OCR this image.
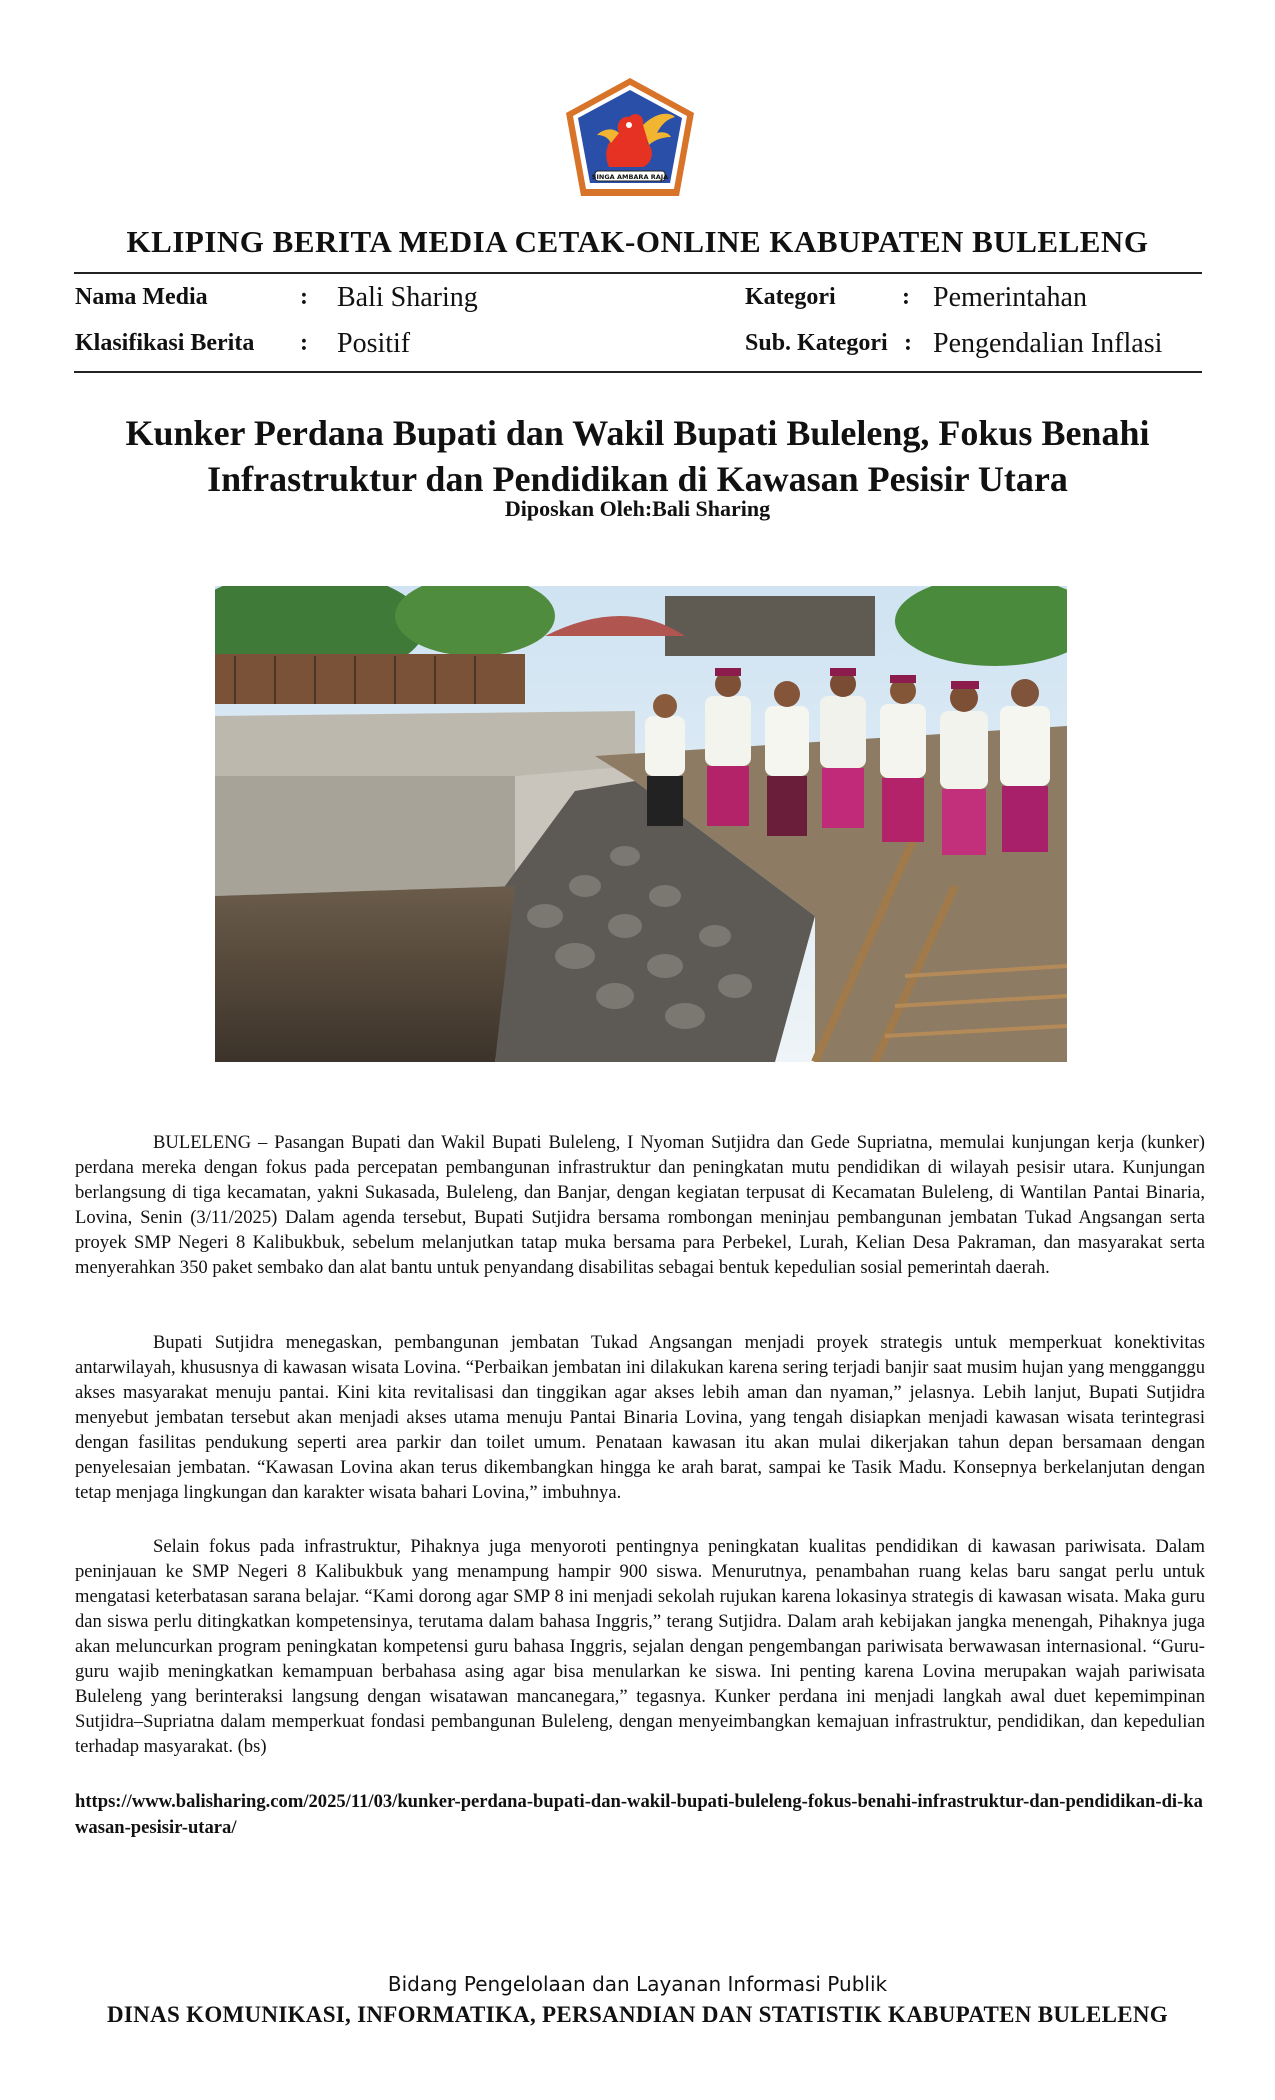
SINGA AMBARA RAJA
KLIPING BERITA MEDIA CETAK-ONLINE KABUPATEN BULELENG
Nama Media	: Bali Sharing	Kategori	: Pemerintahan
Klasifikasi Berita : Positif	Sub. Kategori : Pengendalian Inflasi
Kunker Perdana Bupati dan Wakil Bupati Buleleng, Fokus Benahi Infrastruktur dan Pendidikan di Kawasan Pesisir Utara
Diposkan Oleh:Bali Sharing

BULELENG – Pasangan Bupati dan Wakil Bupati Buleleng, I Nyoman Sutjidra dan Gede Supriatna, memulai kunjungan kerja (kunker) perdana mereka dengan fokus pada percepatan pembangunan infrastruktur dan peningkatan mutu pendidikan di wilayah pesisir utara. Kunjungan berlangsung di tiga kecamatan, yakni Sukasada, Buleleng, dan Banjar, dengan kegiatan terpusat di Kecamatan Buleleng, di Wantilan Pantai Binaria, Lovina, Senin (3/11/2025) Dalam agenda tersebut, Bupati Sutjidra bersama rombongan meninjau pembangunan jembatan Tukad Angsangan serta proyek SMP Negeri 8 Kalibukbuk, sebelum melanjutkan tatap muka bersama para Perbekel, Lurah, Kelian Desa Pakraman, dan masyarakat serta menyerahkan 350 paket sembako dan alat bantu untuk penyandang disabilitas sebagai bentuk kepedulian sosial pemerintah daerah.

Bupati Sutjidra menegaskan, pembangunan jembatan Tukad Angsangan menjadi proyek strategis untuk memperkuat konektivitas antarwilayah, khususnya di kawasan wisata Lovina. “Perbaikan jembatan ini dilakukan karena sering terjadi banjir saat musim hujan yang mengganggu akses masyarakat menuju pantai. Kini kita revitalisasi dan tinggikan agar akses lebih aman dan nyaman,” jelasnya. Lebih lanjut, Bupati Sutjidra menyebut jembatan tersebut akan menjadi akses utama menuju Pantai Binaria Lovina, yang tengah disiapkan menjadi kawasan wisata terintegrasi dengan fasilitas pendukung seperti area parkir dan toilet umum. Penataan kawasan itu akan mulai dikerjakan tahun depan bersamaan dengan penyelesaian jembatan. “Kawasan Lovina akan terus dikembangkan hingga ke arah barat, sampai ke Tasik Madu. Konsepnya berkelanjutan dengan tetap menjaga lingkungan dan karakter wisata bahari Lovina,” imbuhnya.

Selain fokus pada infrastruktur, Pihaknya juga menyoroti pentingnya peningkatan kualitas pendidikan di kawasan pariwisata. Dalam peninjauan ke SMP Negeri 8 Kalibukbuk yang menampung hampir 900 siswa. Menurutnya, penambahan ruang kelas baru sangat perlu untuk mengatasi keterbatasan sarana belajar. “Kami dorong agar SMP 8 ini menjadi sekolah rujukan karena lokasinya strategis di kawasan wisata. Maka guru dan siswa perlu ditingkatkan kompetensinya, terutama dalam bahasa Inggris,” terang Sutjidra. Dalam arah kebijakan jangka menengah, Pihaknya juga akan meluncurkan program peningkatan kompetensi guru bahasa Inggris, sejalan dengan pengembangan pariwisata berwawasan internasional. “Guru-guru wajib meningkatkan kemampuan berbahasa asing agar bisa menularkan ke siswa. Ini penting karena Lovina merupakan wajah pariwisata Buleleng yang berinteraksi langsung dengan wisatawan mancanegara,” tegasnya. Kunker perdana ini menjadi langkah awal duet kepemimpinan Sutjidra–Supriatna dalam memperkuat fondasi pembangunan Buleleng, dengan menyeimbangkan kemajuan infrastruktur, pendidikan, dan kepedulian terhadap masyarakat. (bs)

https://www.balisharing.com/2025/11/03/kunker-perdana-bupati-dan-wakil-bupati-buleleng-fokus-benahi-infrastruktur-dan-pendidikan-di-kawasan-pesisir-utara/
Bidang Pengelolaan dan Layanan Informasi Publik
DINAS KOMUNIKASI, INFORMATIKA, PERSANDIAN DAN STATISTIK KABUPATEN BULELENG
